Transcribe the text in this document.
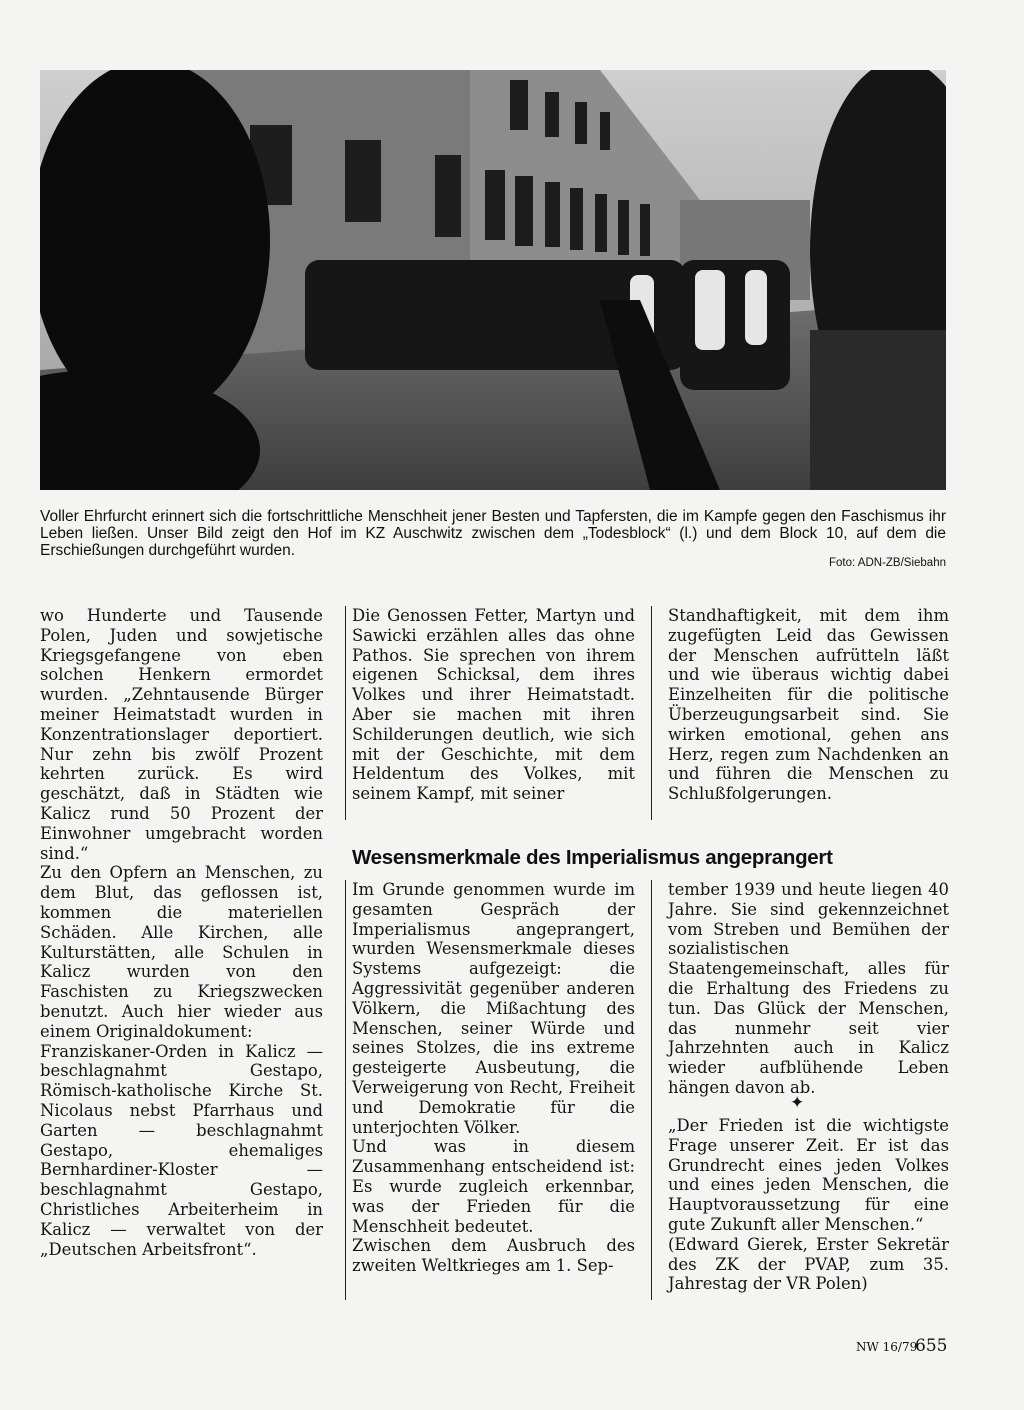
Voller Ehrfurcht erinnert sich die fortschrittliche Menschheit jener Besten und Tapfersten, die im Kampfe gegen den Faschismus ihr Leben ließen. Unser Bild zeigt den Hof im KZ Auschwitz zwischen dem „Todesblock“ (l.) und dem Block 10, auf dem die Erschießungen durchgeführt wurden.
Foto: ADN-ZB/Siebahn
wo Hunderte und Tausende Polen, Juden und sowjetische Kriegsgefangene von eben solchen Henkern ermordet wurden. „Zehntausende Bürger meiner Heimatstadt wurden in Konzentrationslager deportiert. Nur zehn bis zwölf Prozent kehrten zurück. Es wird geschätzt, daß in Städten wie Kalicz rund 50 Prozent der Einwohner umgebracht worden sind.“
Zu den Opfern an Menschen, zu dem Blut, das geflossen ist, kommen die materiellen Schäden. Alle Kirchen, alle Kulturstätten, alle Schulen in Kalicz wurden von den Faschisten zu Kriegszwecken benutzt. Auch hier wieder aus einem Originaldokument:
Franziskaner-Orden in Kalicz — beschlagnahmt Gestapo, Römisch-katholische Kirche St. Nicolaus nebst Pfarrhaus und Garten — beschlagnahmt Gestapo, ehemaliges Bernhardiner-Kloster — beschlagnahmt Gestapo, Christliches Arbeiterheim in Kalicz — verwaltet von der „Deutschen Arbeitsfront“.
Die Genossen Fetter, Martyn und Sawicki erzählen alles das ohne Pathos. Sie sprechen von ihrem eigenen Schicksal, dem ihres Volkes und ihrer Heimatstadt. Aber sie machen mit ihren Schilderungen deutlich, wie sich mit der Geschichte, mit dem Heldentum des Volkes, mit seinem Kampf, mit seiner
Standhaftigkeit, mit dem ihm zugefügten Leid das Gewissen der Menschen aufrütteln läßt und wie überaus wichtig dabei Einzelheiten für die politische Überzeugungsarbeit sind. Sie wirken emotional, gehen ans Herz, regen zum Nachdenken an und führen die Menschen zu Schlußfolgerungen.
Wesensmerkmale des Imperialismus angeprangert
Im Grunde genommen wurde im gesamten Gespräch der Imperialismus angeprangert, wurden Wesensmerkmale dieses Systems aufgezeigt: die Aggressivität gegenüber anderen Völkern, die Mißachtung des Menschen, seiner Würde und seines Stolzes, die ins extreme gesteigerte Ausbeutung, die Verweigerung von Recht, Freiheit und Demokratie für die unterjochten Völker.
Und was in diesem Zusammenhang entscheidend ist: Es wurde zugleich erkennbar, was der Frieden für die Menschheit bedeutet.
Zwischen dem Ausbruch des zweiten Weltkrieges am 1. Sep-
tember 1939 und heute liegen 40 Jahre. Sie sind gekennzeichnet vom Streben und Bemühen der sozialistischen Staatengemeinschaft, alles für die Erhaltung des Friedens zu tun. Das Glück der Menschen, das nunmehr seit vier Jahrzehnten auch in Kalicz wieder aufblühende Leben hängen davon ab.
✦
„Der Frieden ist die wichtigste Frage unserer Zeit. Er ist das Grundrecht eines jeden Volkes und eines jeden Menschen, die Hauptvoraussetzung für eine gute Zukunft aller Menschen.“
(Edward Gierek, Erster Sekretär des ZK der PVAP, zum 35. Jahrestag der VR Polen)
NW 16/79
655
